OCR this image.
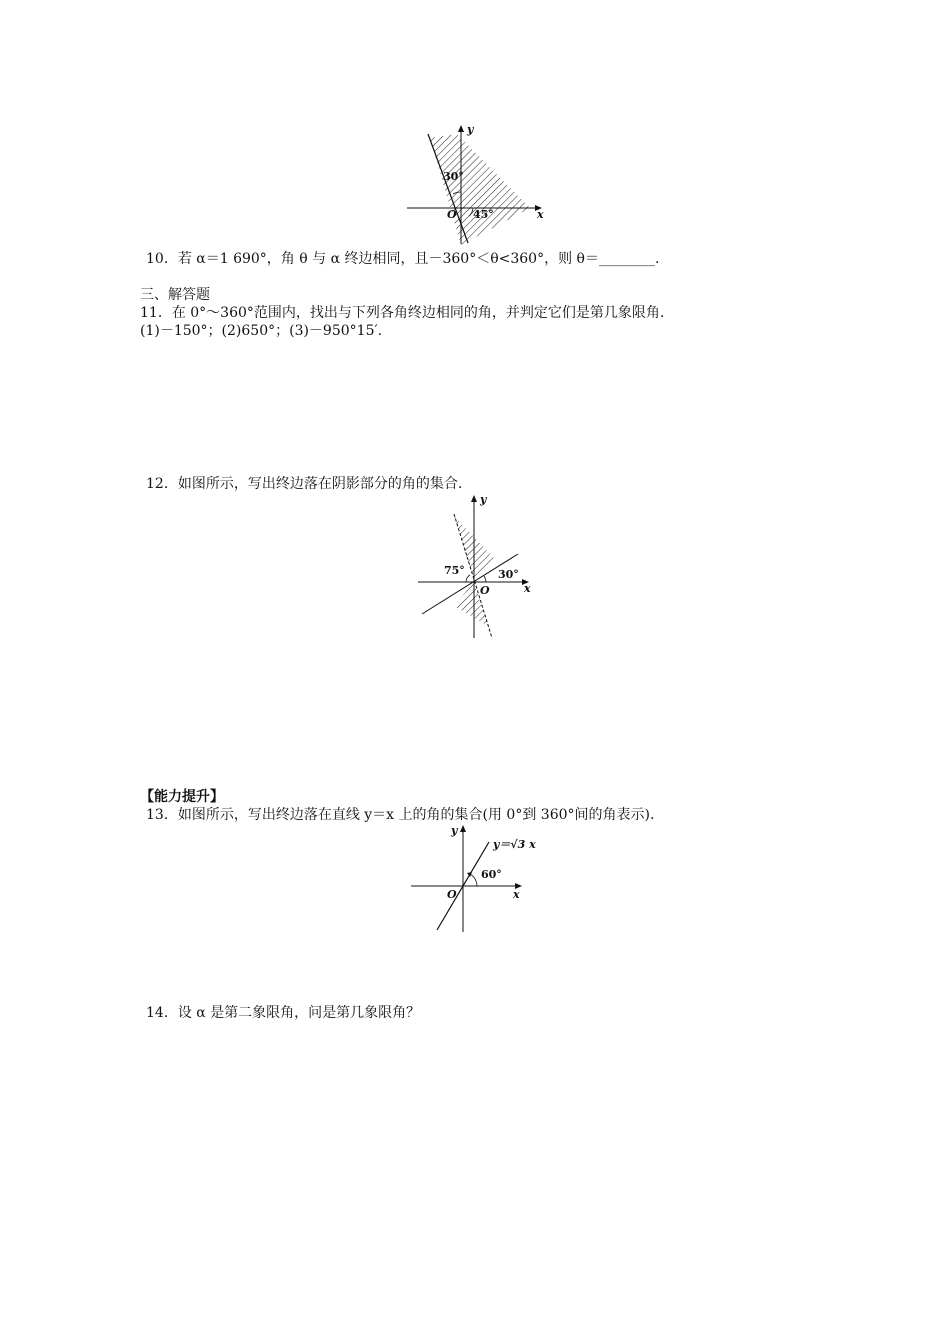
x
y
O
30°
45°
10．若 α＝1 690°，角 θ 与 α 终边相同，且－360°＜θ<360°，则 θ＝________.
三、解答题
11．在 0°～360°范围内，找出与下列各角终边相同的角，并判定它们是第几象限角.
(1)－150°；(2)650°；(3)－950°15′.
12．如图所示，写出终边落在阴影部分的角的集合.
x
y
O
75°	30°
【能力提升】
13．如图所示，写出终边落在直线 y＝x 上的角的集合(用 0°到 360°间的角表示).
x
y
O
y＝√3 x
60°
14．设 α 是第二象限角，问是第几象限角？
